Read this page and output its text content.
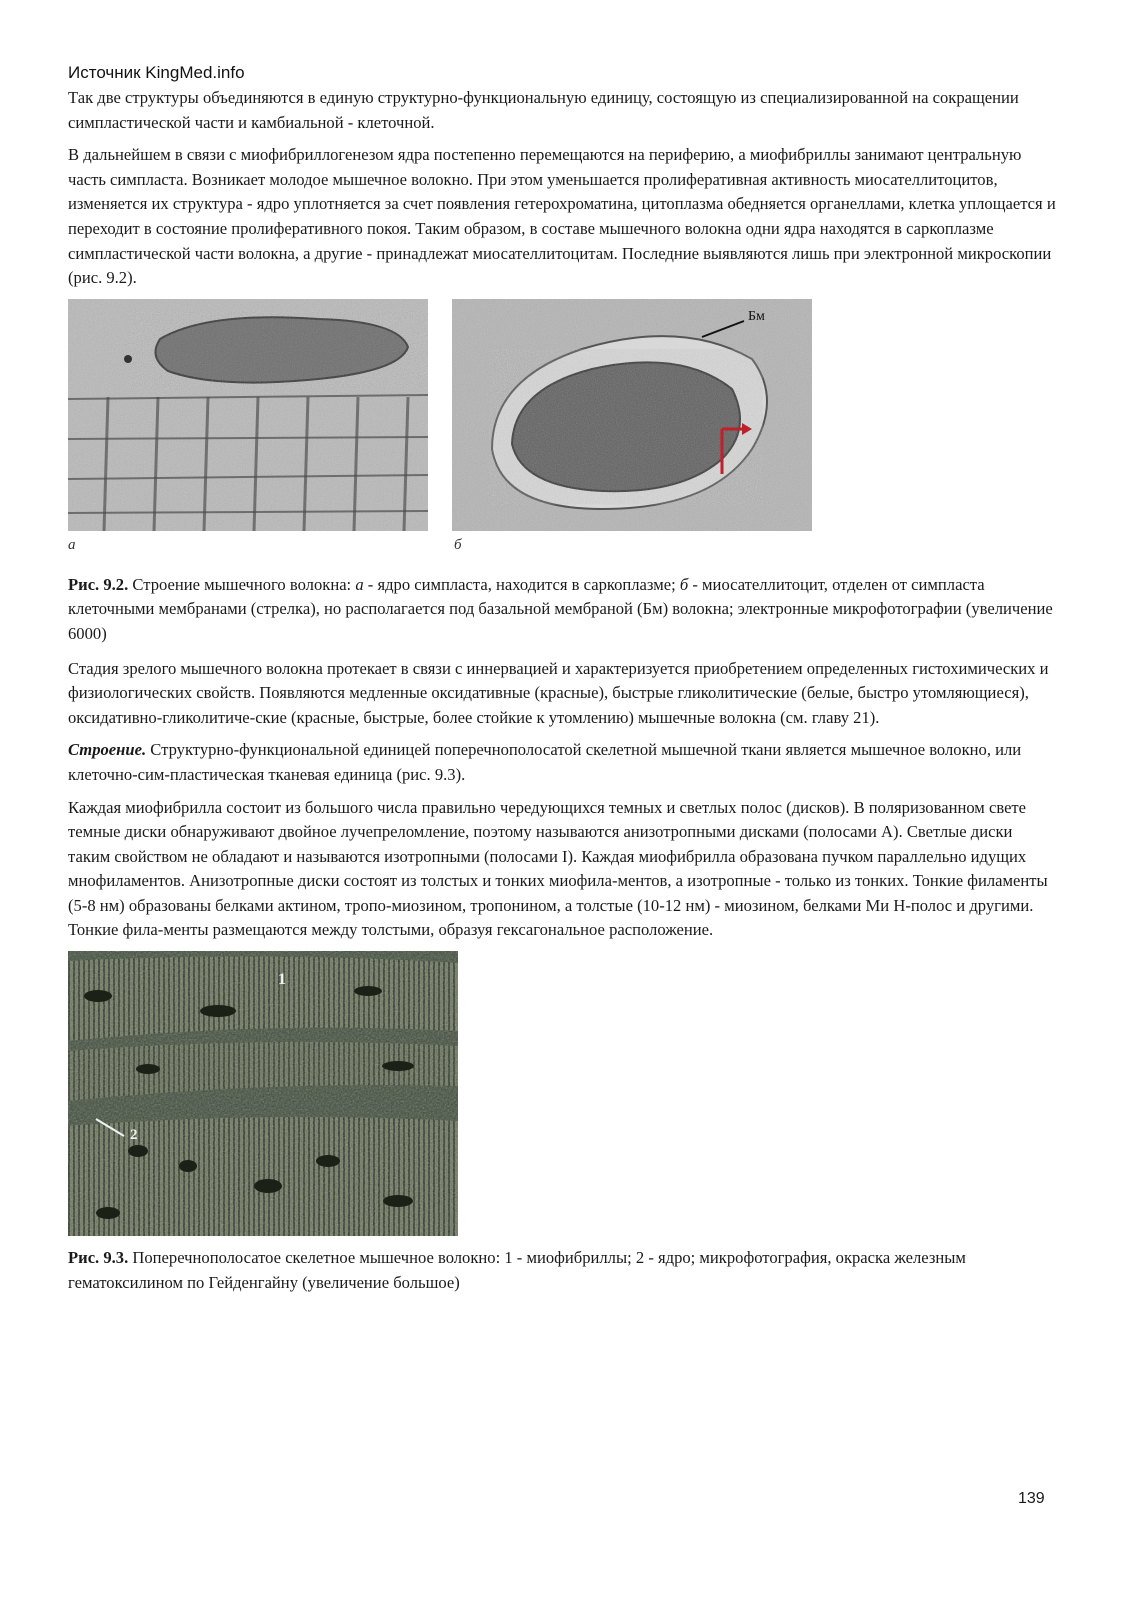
Источник KingMed.info

Так две структуры объединяются в единую структурно-функциональную единицу, состоящую из специализированной на сокращении симпластической части и камбиальной - клеточной.

В дальнейшем в связи с миофибриллогенезом ядра постепенно перемещаются на периферию, а миофибриллы занимают центральную часть симпласта. Возникает молодое мышечное волокно. При этом уменьшается пролиферативная активность миосателлитоцитов, изменяется их структура - ядро уплотняется за счет появления гетерохроматина, цитоплазма обедняется органеллами, клетка уплощается и переходит в состояние пролиферативного покоя. Таким образом, в составе мышечного волокна одни ядра находятся в саркоплазме симпластической части волокна, а другие - принадлежат миосателлитоцитам. Последние выявляются лишь при электронной микроскопии (рис. 9.2).

а
Бм
б
Рис. 9.2. Строение мышечного волокна: а - ядро симпласта, находится в саркоплазме; б - миосателлитоцит, отделен от симпласта клеточными мембранами (стрелка), но располагается под базальной мембраной (Бм) волокна; электронные микрофотографии (увеличение 6000)

Стадия зрелого мышечного волокна протекает в связи с иннервацией и характеризуется приобретением определенных гистохимических и физиологических свойств. Появляются медленные оксидативные (красные), быстрые гликолитические (белые, быстро утомляющиеся), оксидативно-гликолитиче-ские (красные, быстрые, более стойкие к утомлению) мышечные волокна (см. главу 21).

Строение. Структурно-функциональной единицей поперечнополосатой скелетной мышечной ткани является мышечное волокно, или клеточно-сим-пластическая тканевая единица (рис. 9.3).

Каждая миофибрилла состоит из большого числа правильно чередующихся темных и светлых полос (дисков). В поляризованном свете темные диски обнаруживают двойное лучепреломление, поэтому называются анизотропными дисками (полосами А). Светлые диски таким свойством не обладают и называются изотропными (полосами I). Каждая миофибрилла образована пучком параллельно идущих мнофиламентов. Анизотропные диски состоят из толстых и тонких миофила-ментов, а изотропные - только из тонких. Тонкие филаменты (5-8 нм) образованы белками актином, тропо-миозином, тропонином, а толстые (10-12 нм) - миозином, белками Ми Н-полос и другими. Тонкие фила-менты размещаются между толстыми, образуя гексагональное расположение.

1
2
Рис. 9.3. Поперечнополосатое скелетное мышечное волокно: 1 - миофибриллы; 2 - ядро; микрофотография, окраска железным гематоксилином по Гейденгайну (увеличение большое)
139
